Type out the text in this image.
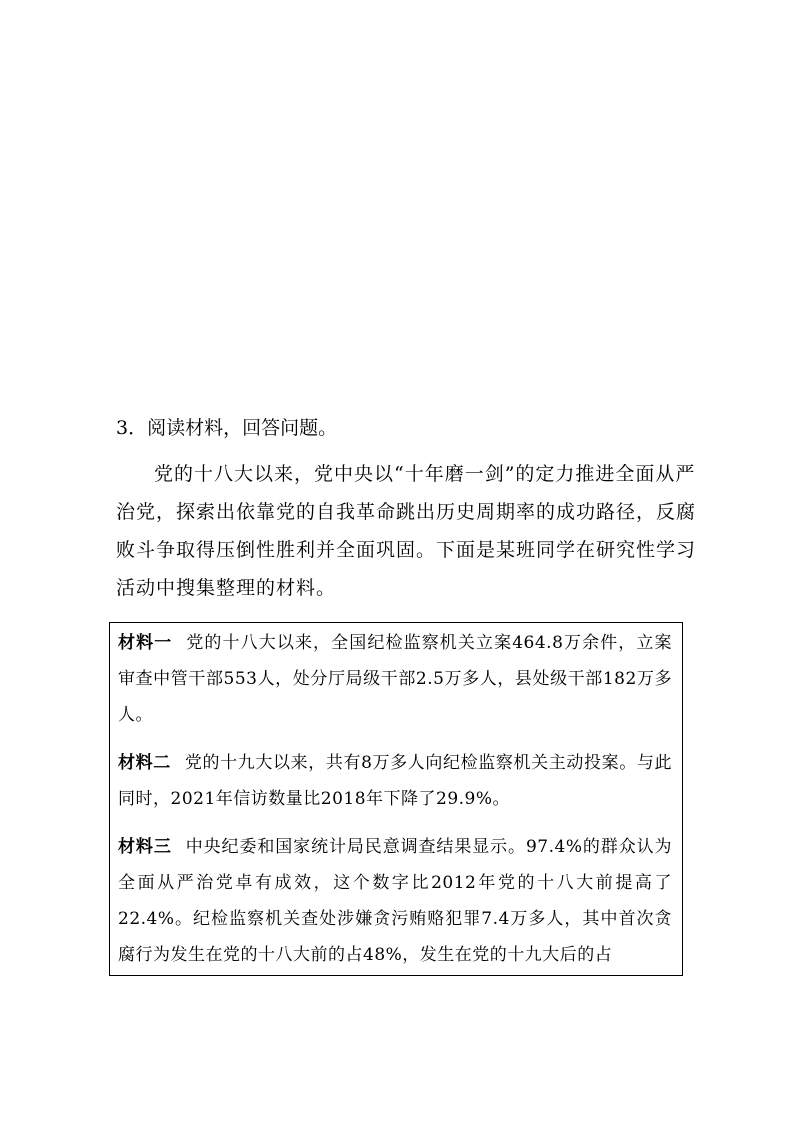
3．阅读材料，回答问题。

党的十八大以来，党中央以“十年磨一剑”的定力推进全面从严治党，探索出依靠党的自我革命跳出历史周期率的成功路径，反腐败斗争取得压倒性胜利并全面巩固。下面是某班同学在研究性学习活动中搜集整理的材料。

材料一 党的十八大以来，全国纪检监察机关立案464.8万余件，立案审查中管干部553人，处分厅局级干部2.5万多人，县处级干部182万多人。

材料二 党的十九大以来，共有8万多人向纪检监察机关主动投案。与此同时，2021年信访数量比2018年下降了29.9%。

材料三 中央纪委和国家统计局民意调查结果显示。97.4%的群众认为全面从严治党卓有成效，这个数字比2012年党的十八大前提高了22.4%。纪检监察机关查处涉嫌贪污贿赂犯罪7.4万多人，其中首次贪腐行为发生在党的十八大前的占48%，发生在党的十九大后的占
